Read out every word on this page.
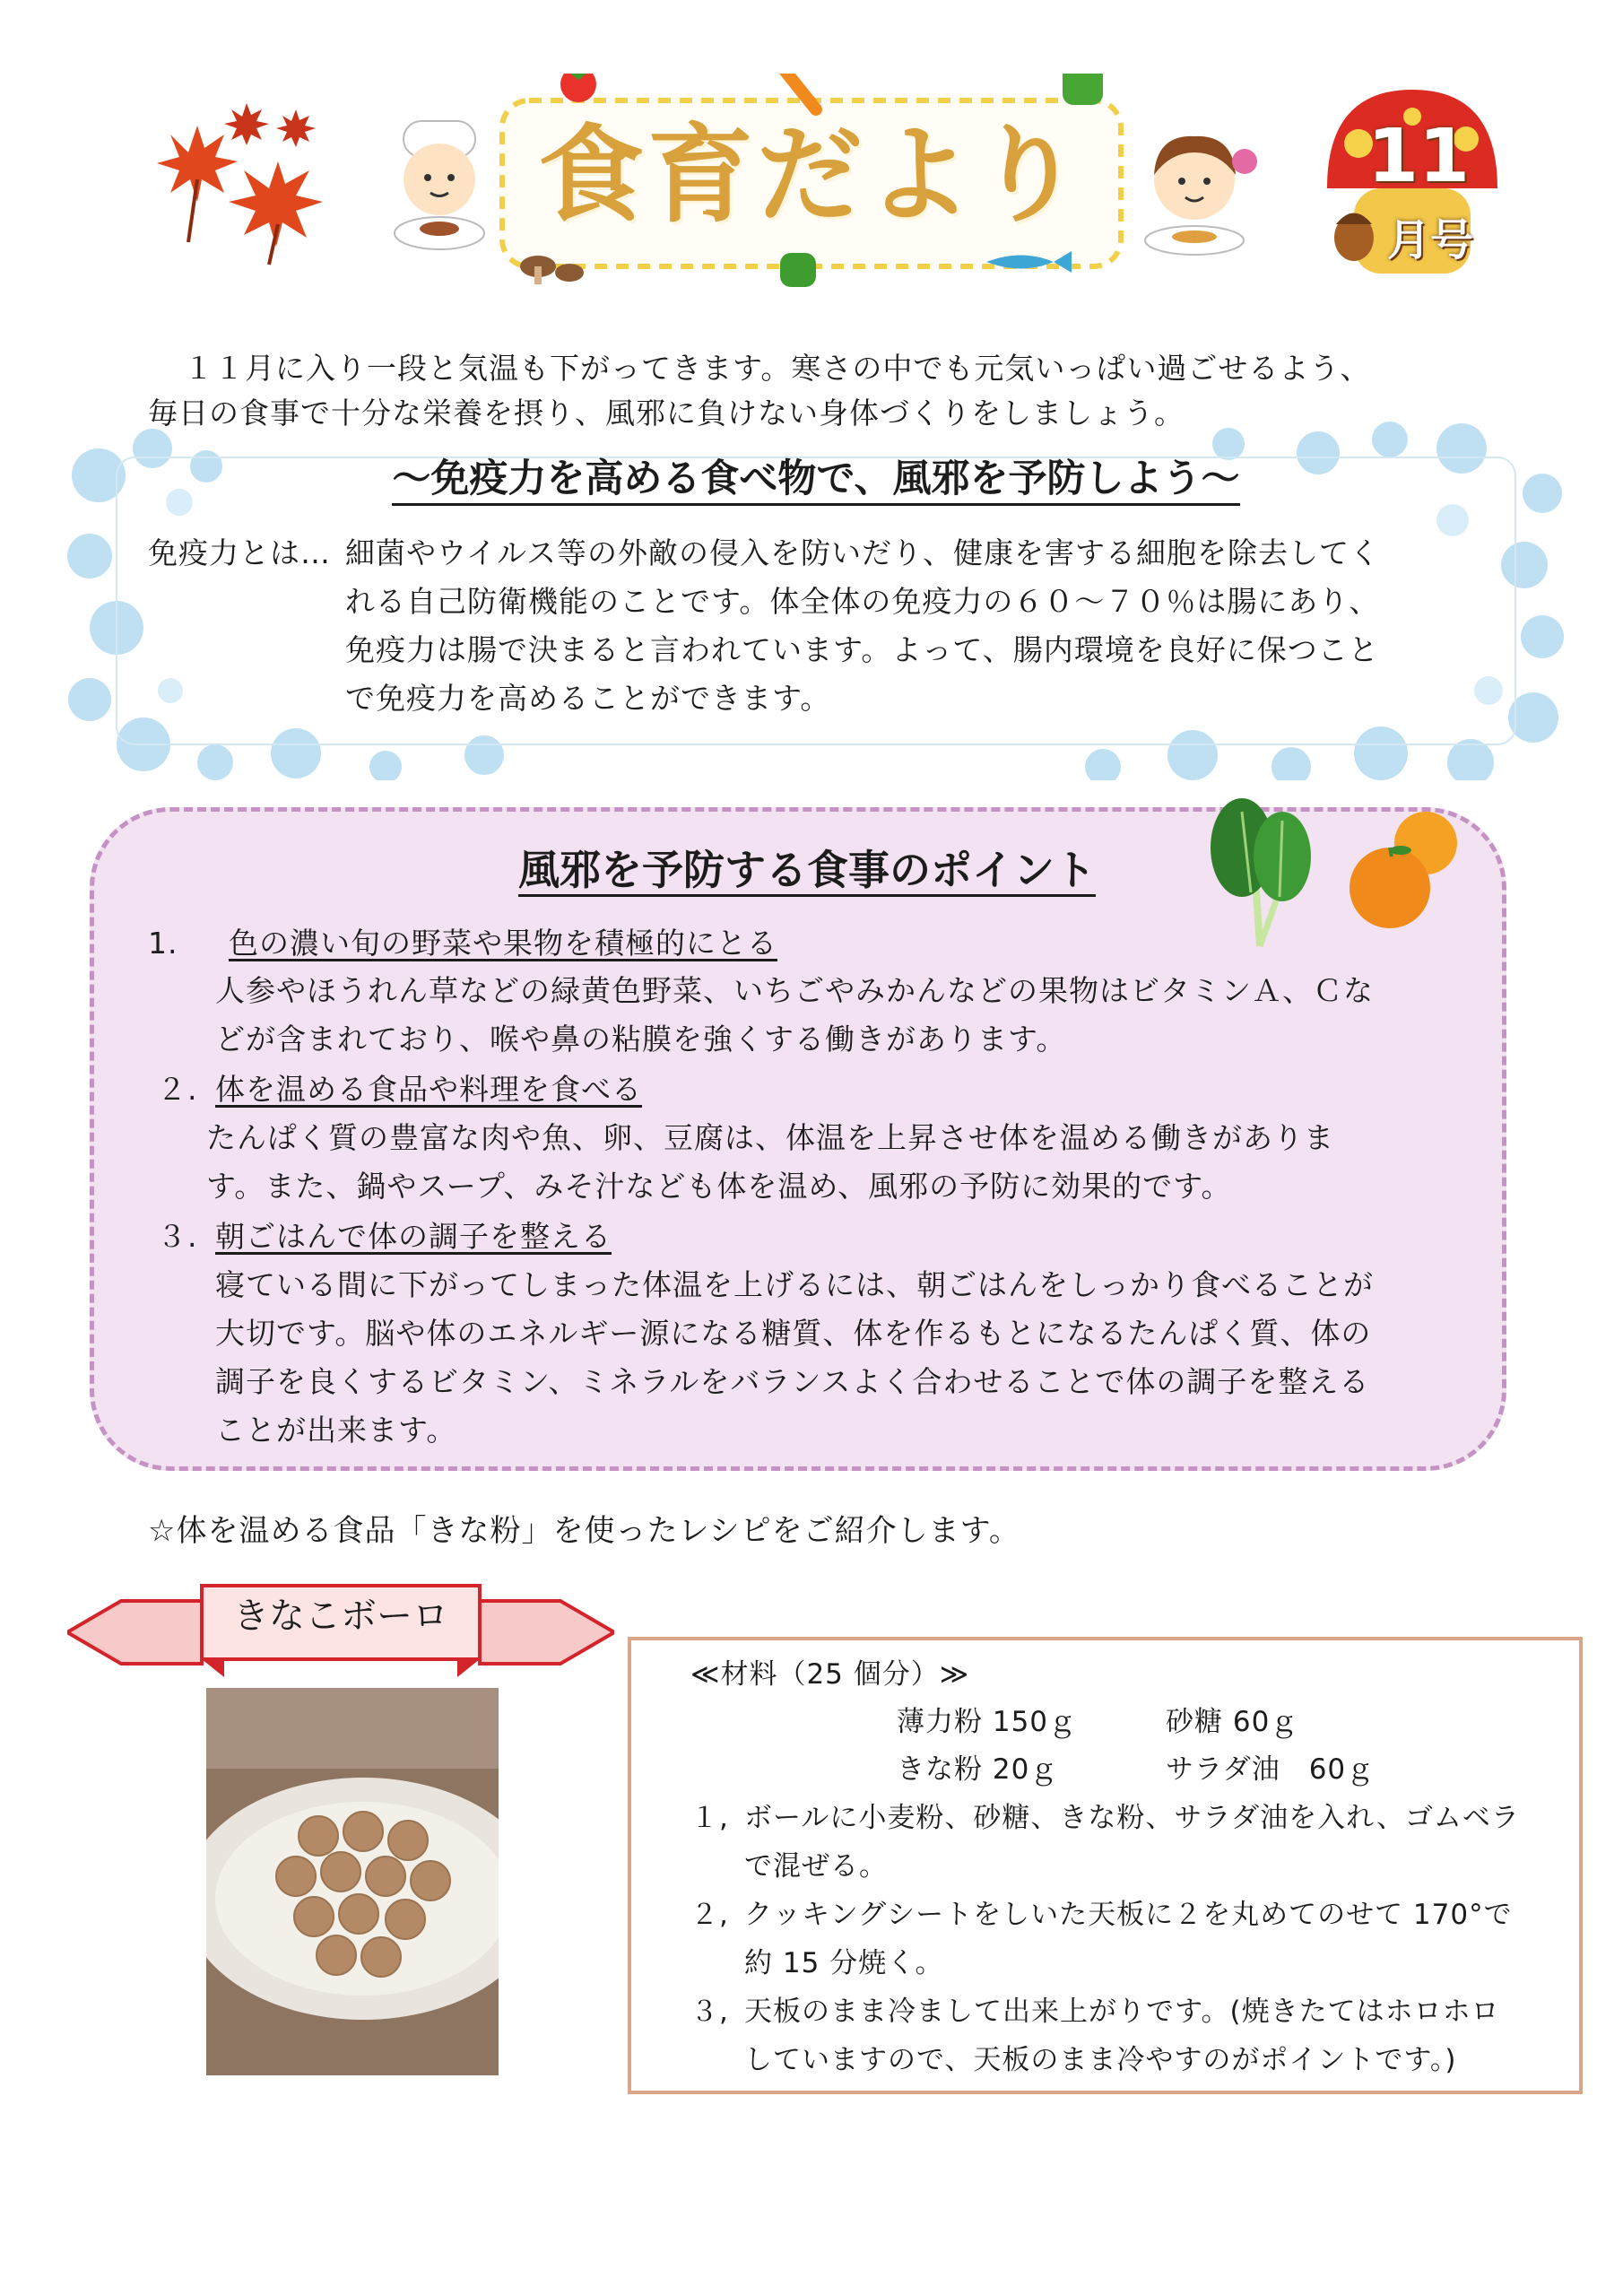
食育だより	11
月号
１１月に入り一段と気温も下がってきます。寒さの中でも元気いっぱい過ごせるよう、
毎日の食事で十分な栄養を摂り、風邪に負けない身体づくりをしましょう。
～免疫力を高める食べ物で、風邪を予防しよう～
免疫力とは… 細菌やウイルス等の外敵の侵入を防いだり、健康を害する細胞を除去してく
れる自己防衛機能のことです。体全体の免疫力の６０～７０％は腸にあり、
免疫力は腸で決まると言われています。よって、腸内環境を良好に保つこと
で免疫力を高めることができます。
風邪を予防する食事のポイント
1. 色の濃い旬の野菜や果物を積極的にとる
人参やほうれん草などの緑黄色野菜、いちごやみかんなどの果物はビタミンＡ、Ｃな
どが含まれており、喉や鼻の粘膜を強くする働きがあります。
２. 体を温める食品や料理を食べる
たんぱく質の豊富な肉や魚、卵、豆腐は、体温を上昇させ体を温める働きがありま
す。また、鍋やスープ、みそ汁なども体を温め、風邪の予防に効果的です。
３. 朝ごはんで体の調子を整える
寝ている間に下がってしまった体温を上げるには、朝ごはんをしっかり食べることが
大切です。脳や体のエネルギー源になる糖質、体を作るもとになるたんぱく質、体の
調子を良くするビタミン、ミネラルをバランスよく合わせることで体の調子を整える
ことが出来ます。
☆体を温める食品「きな粉」を使ったレシピをご紹介します。
きなこボーロ
≪材料（25 個分）≫
薄力粉 150ｇ	砂糖 60ｇ
きな粉 20ｇ	サラダ油　60ｇ
１, ボールに小麦粉、砂糖、きな粉、サラダ油を入れ、ゴムベラ
で混ぜる。
２, クッキングシートをしいた天板に２を丸めてのせて 170°で
約 15 分焼く。
３, 天板のまま冷まして出来上がりです。(焼きたてはホロホロ
していますので、天板のまま冷やすのがポイントです。)
